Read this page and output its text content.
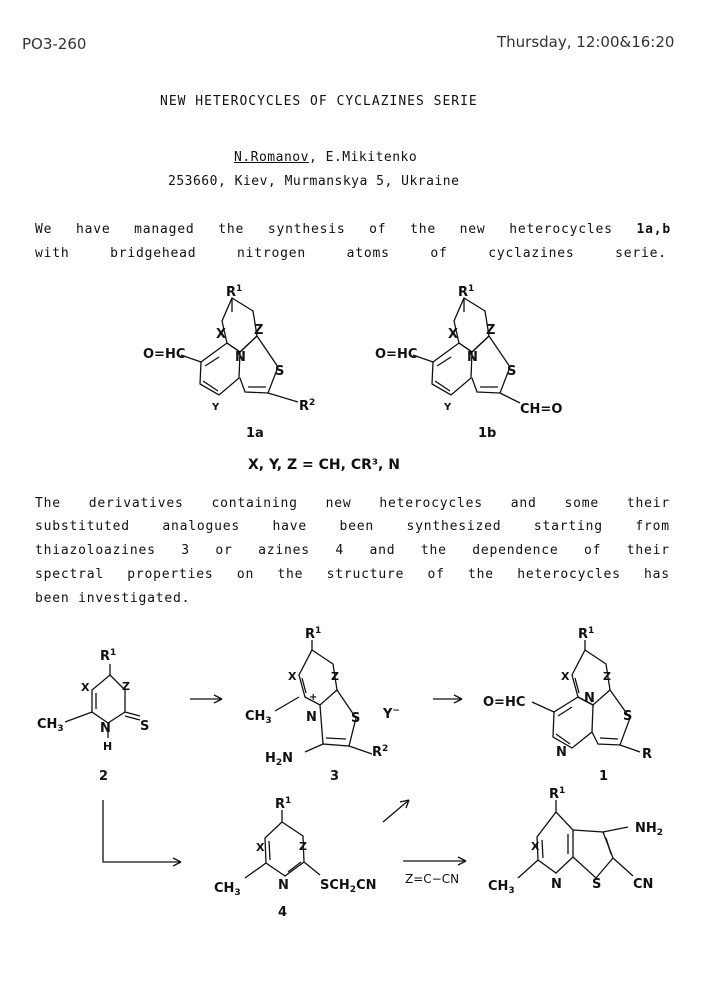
PO3-260	Thursday, 12:00&16:20
NEW HETEROCYCLES OF CYCLAZINES SERIE
N.Romanov, E.Mikitenko
253660, Kiev, Murmanskya 5, Ukraine
We have managed the synthesis of the new heterocycles 1a,b
with	bridgehead	nitrogen	atoms	of	cyclazines	serie.
The derivatives containing new heterocycles and some their
substituted analogues have been synthesized starting from
thiazoloazines 3 or azines 4 and the dependence of their
spectral properties on the structure of the heterocycles has
been investigated.
$R^1$
X Z
N
S
O=HC
Y	$R^2$
1a
$R^1$
X Z
N
S
O=HC
Y	CH=O
1b
X, Y, Z = CH, CR³, N
$R^1$
X	Z
$CH_3$	N
H
S
2
$R^1$
X	Z
+
N	S Y−
$CH_3$
$H_2N$	$R^2$
3
$R^1$
X	Z
N
S
O=HC
N	R
1
$R^1$
X	Z
N
$CH_3$	$SCH_2CN$
4
Z=C−CN
$R^1$
X
$NH_2$
N S
$CH_3$	CN
